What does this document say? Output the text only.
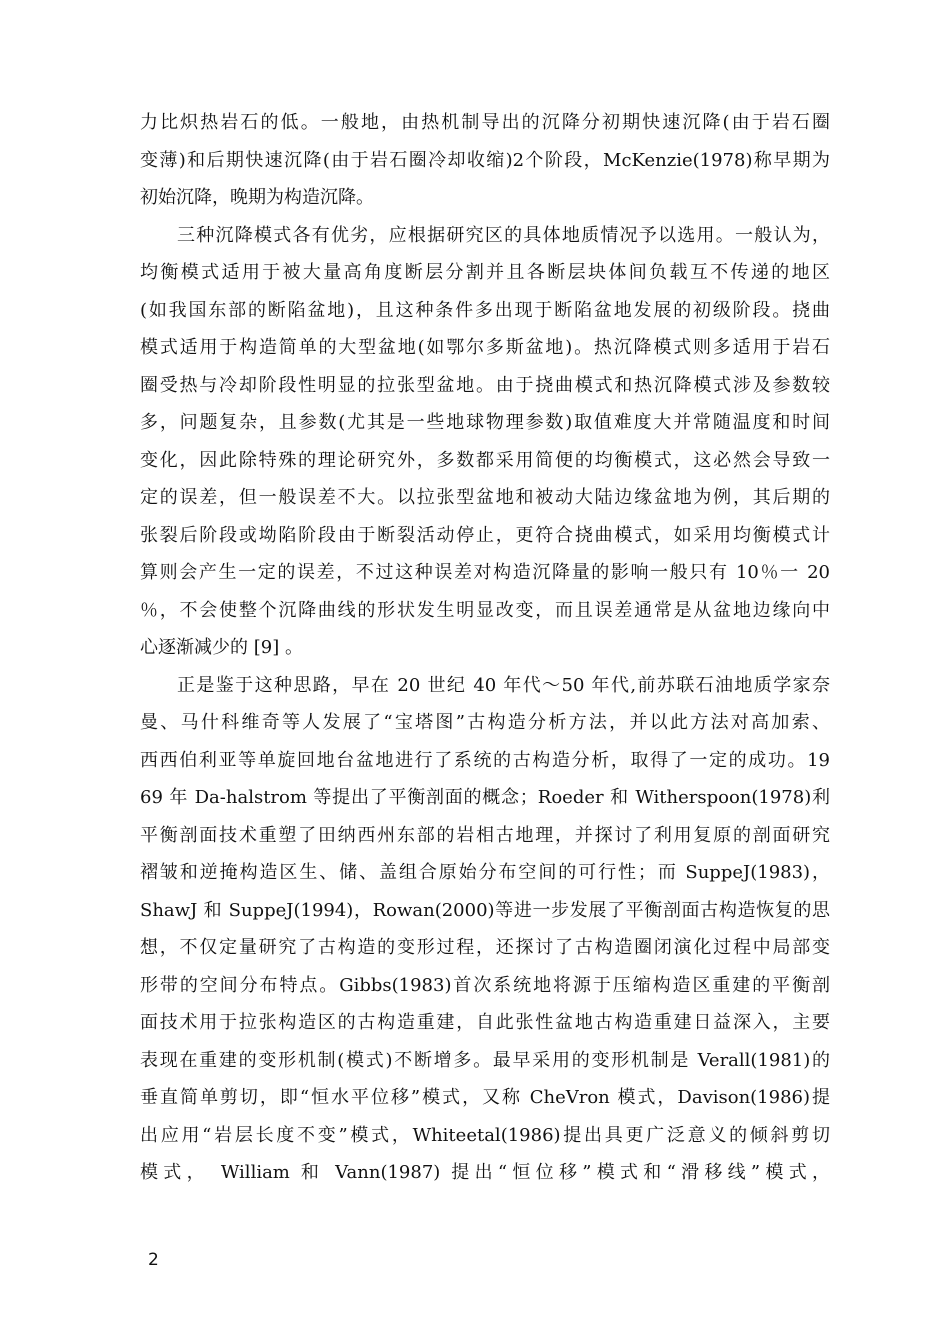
力比炽热岩石的低。一般地，由热机制导出的沉降分初期快速沉降(由于岩石圈
变薄)和后期快速沉降(由于岩石圈冷却收缩)2个阶段，McKenzie(1978)称早期为
初始沉降，晚期为构造沉降。
三种沉降模式各有优劣，应根据研究区的具体地质情况予以选用。一般认为，
均衡模式适用于被大量高角度断层分割并且各断层块体间负载互不传递的地区
(如我国东部的断陷盆地)，且这种条件多出现于断陷盆地发展的初级阶段。挠曲
模式适用于构造简单的大型盆地(如鄂尔多斯盆地)。热沉降模式则多适用于岩石
圈受热与冷却阶段性明显的拉张型盆地。由于挠曲模式和热沉降模式涉及参数较
多，问题复杂，且参数(尤其是一些地球物理参数)取值难度大并常随温度和时间
变化，因此除特殊的理论研究外，多数都采用简便的均衡模式，这必然会导致一
定的误差，但一般误差不大。以拉张型盆地和被动大陆边缘盆地为例，其后期的
张裂后阶段或坳陷阶段由于断裂活动停止，更符合挠曲模式，如采用均衡模式计
算则会产生一定的误差，不过这种误差对构造沉降量的影响一般只有 10％一 20
％，不会使整个沉降曲线的形状发生明显改变，而且误差通常是从盆地边缘向中
心逐渐减少的 [9] 。
正是鉴于这种思路，早在 20 世纪 40 年代～50 年代,前苏联石油地质学家奈
曼、马什科维奇等人发展了“宝塔图”古构造分析方法，并以此方法对高加索、
西西伯利亚等单旋回地台盆地进行了系统的古构造分析，取得了一定的成功。19
69 年 Da-halstrom 等提出了平衡剖面的概念；Roeder 和 Witherspoon(1978)利
平衡剖面技术重塑了田纳西州东部的岩相古地理，并探讨了利用复原的剖面研究
褶皱和逆掩构造区生、储、盖组合原始分布空间的可行性；而 SuppeJ(1983)，
ShawJ 和 SuppeJ(1994)，Rowan(2000)等进一步发展了平衡剖面古构造恢复的思
想，不仅定量研究了古构造的变形过程，还探讨了古构造圈闭演化过程中局部变
形带的空间分布特点。Gibbs(1983)首次系统地将源于压缩构造区重建的平衡剖
面技术用于拉张构造区的古构造重建，自此张性盆地古构造重建日益深入，主要
表现在重建的变形机制(模式)不断增多。最早采用的变形机制是 Verall(1981)的
垂直简单剪切，即“恒水平位移”模式，又称 CheVron 模式，Davison(1986)提
出应用“岩层长度不变”模式，Whiteetal(1986)提出具更广泛意义的倾斜剪切
模式， William 和 Vann(1987) 提出“恒位移”模式和“滑移线”模式，
2
